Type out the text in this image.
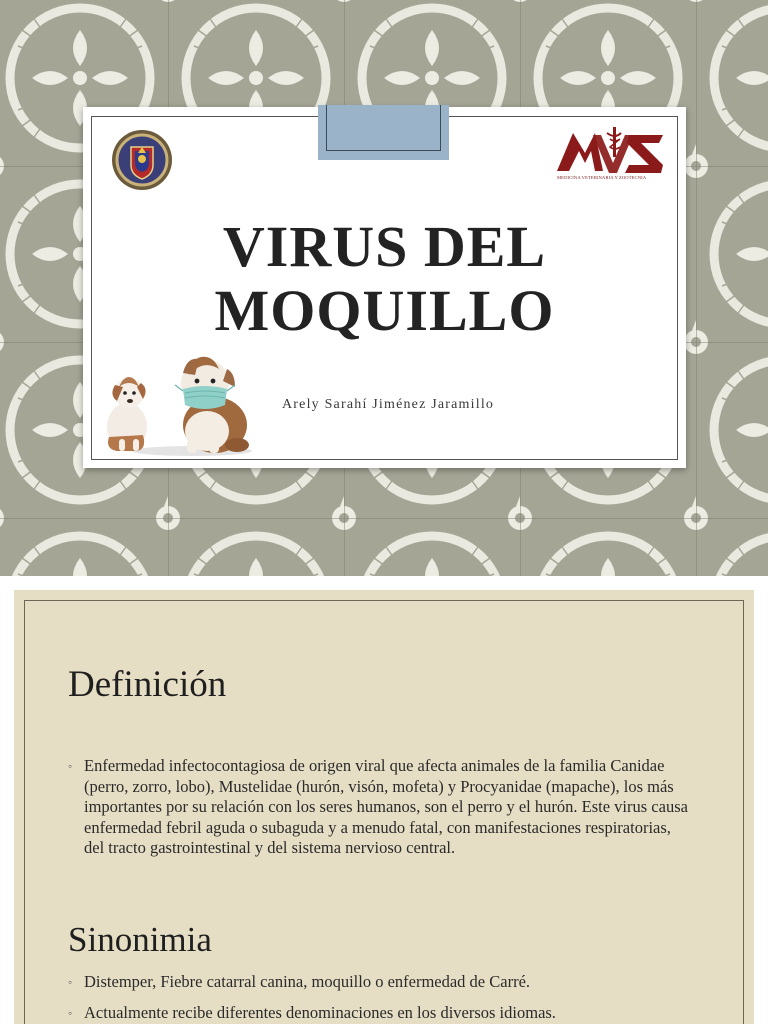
MEDICINA VETERINARIA Y ZOOTECNIA
VIRUS DEL
MOQUILLO
Arely Sarahí Jiménez Jaramillo
Definición
◦ Enfermedad infectocontagiosa de origen viral que afecta animales de la familia Canidae (perro, zorro, lobo), Mustelidae (hurón, visón, mofeta) y Procyanidae (mapache), los más importantes por su relación con los seres humanos, son el perro y el hurón. Este virus causa enfermedad febril aguda o subaguda y a menudo fatal, con manifestaciones respiratorias, del tracto gastrointestinal y del sistema nervioso central.
Sinonimia
◦ Distemper, Fiebre catarral canina, moquillo o enfermedad de Carré.
◦ Actualmente recibe diferentes denominaciones en los diversos idiomas.
